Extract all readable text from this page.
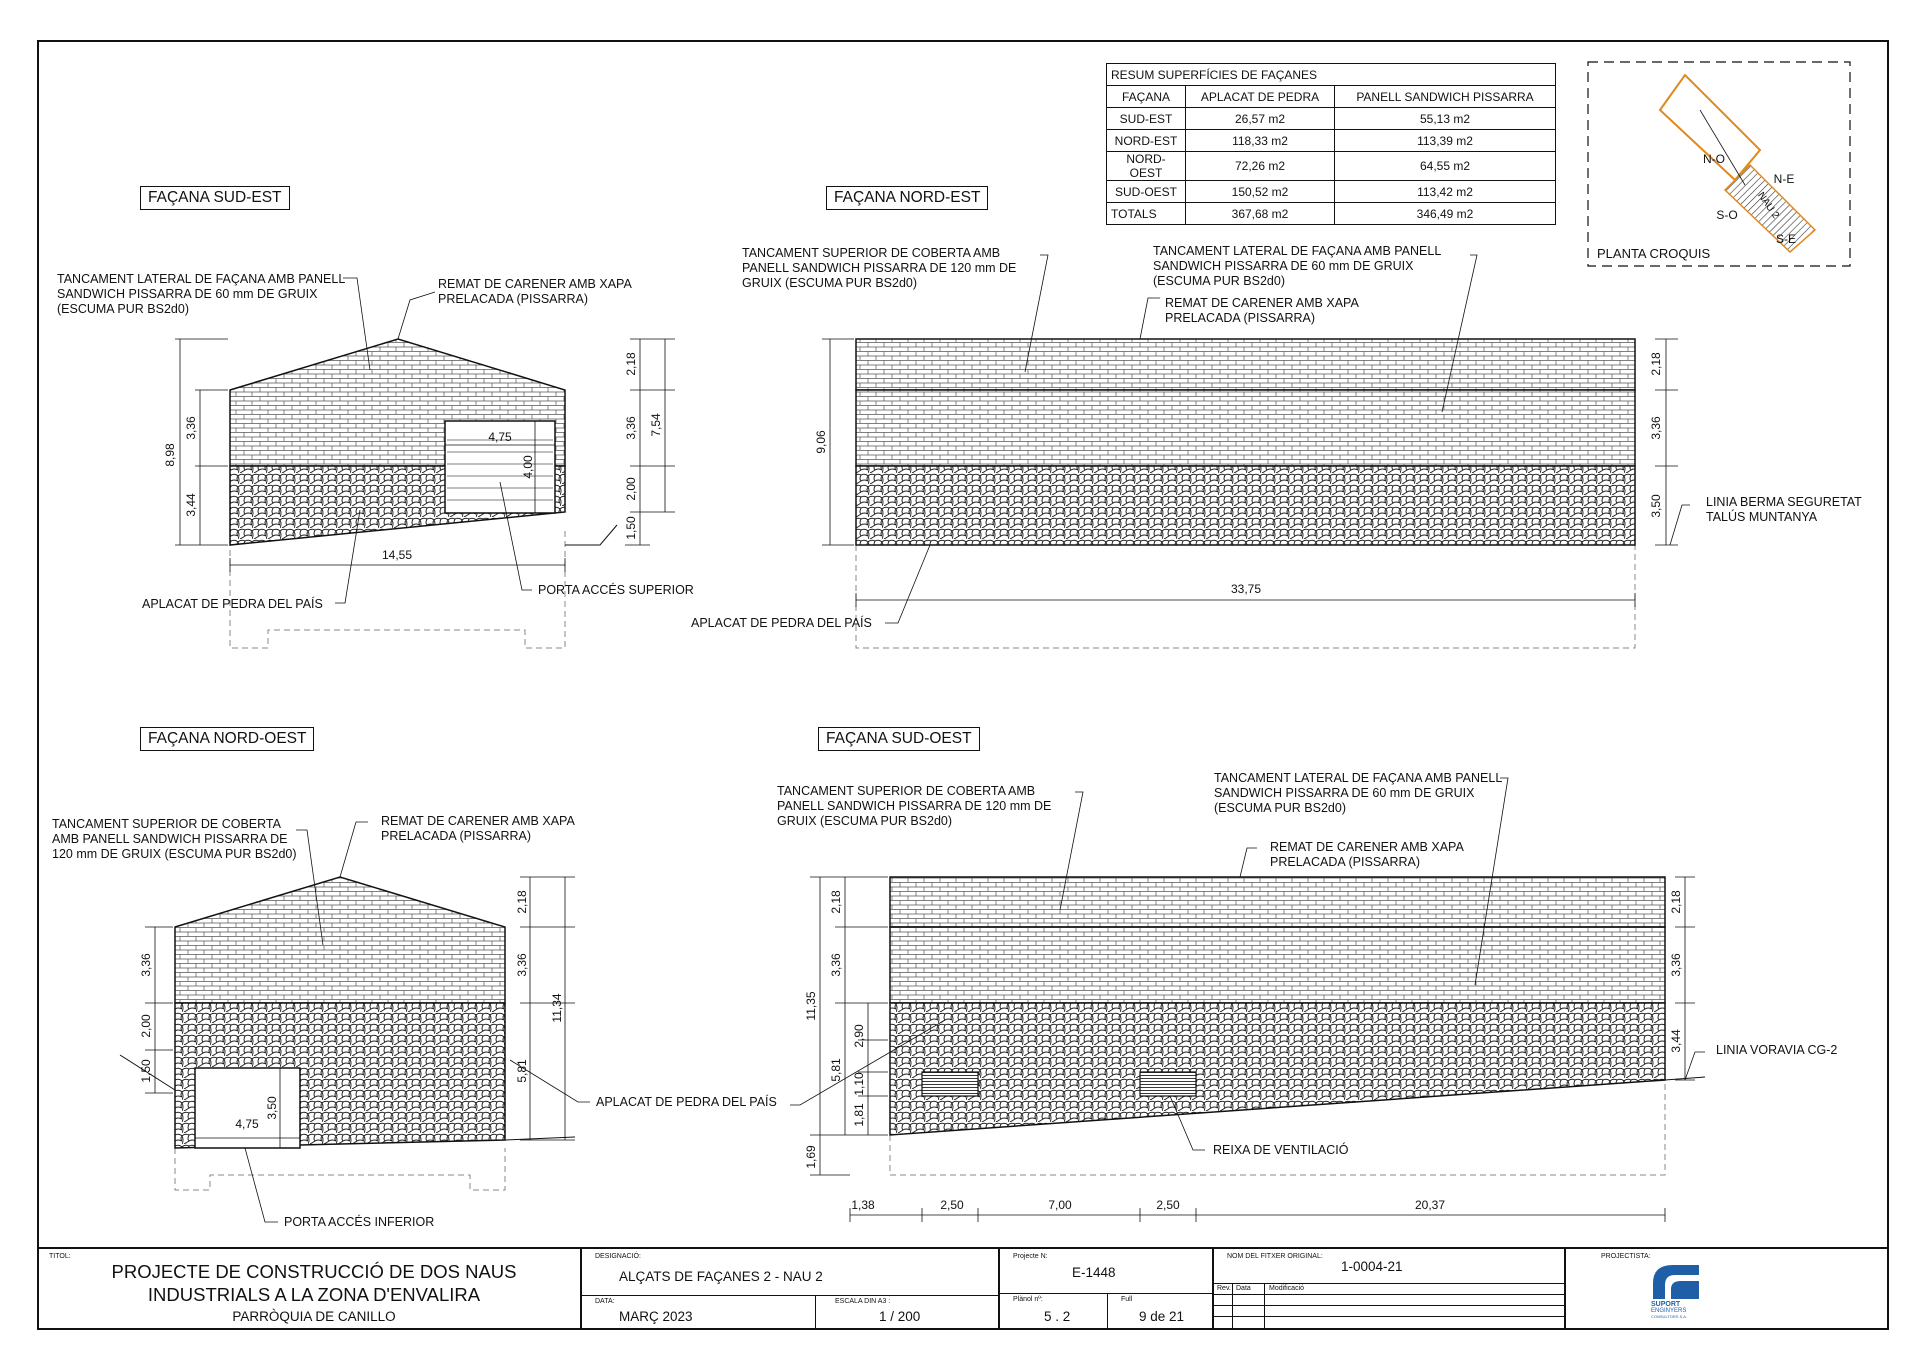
FAÇANA SUD-EST	FAÇANA NORD-EST
FAÇANA NORD-OEST	FAÇANA SUD-OEST
TANCAMENT LATERAL DE FAÇANA AMB PANELL SANDWICH PISSARRA DE 60 mm DE GRUIX (ESCUMA PUR BS2d0)
REMAT DE CARENER AMB XAPA PRELACADA (PISSARRA)
APLACAT DE PEDRA DEL PAÍS
PORTA ACCÉS SUPERIOR
TANCAMENT SUPERIOR DE COBERTA AMB PANELL SANDWICH PISSARRA DE 120 mm DE GRUIX (ESCUMA PUR BS2d0)
TANCAMENT LATERAL DE FAÇANA AMB PANELL SANDWICH PISSARRA DE 60 mm DE GRUIX (ESCUMA PUR BS2d0)
REMAT DE CARENER AMB XAPA PRELACADA (PISSARRA)
LINIA BERMA SEGURETAT TALÚS MUNTANYA
APLACAT DE PEDRA DEL PAÍS
TANCAMENT SUPERIOR DE COBERTA AMB PANELL SANDWICH PISSARRA DE 120 mm DE GRUIX (ESCUMA PUR BS2d0)
REMAT DE CARENER AMB XAPA PRELACADA (PISSARRA)
APLACAT DE PEDRA DEL PAÍS
PORTA ACCÉS INFERIOR
TANCAMENT SUPERIOR DE COBERTA AMB PANELL SANDWICH PISSARRA DE 120 mm DE GRUIX (ESCUMA PUR BS2d0)
TANCAMENT LATERAL DE FAÇANA AMB PANELL SANDWICH PISSARRA DE 60 mm DE GRUIX (ESCUMA PUR BS2d0)
REMAT DE CARENER AMB XAPA PRELACADA (PISSARRA)
LINIA VORAVIA CG-2
REIXA DE VENTILACIÓ
8,98
3,36
3,44
2,18
3,36
2,00
1,50
7,54
14,55
4,75
4,00
9,06
2,18
3,36
3,50
33,75
3,36
2,00
1,50
2,18
3,36
5,81
11,34
4,75
3,50
11,35
2,18
3,36
5,81
2,90
1,10
1,81
1,69
2,18
3,36
3,44
1,38	2,50	7,00	2,50	20,37
N-O
N-E
S-O
S-E
NAU 2
PLANTA CROQUIS
RESUM SUPERFÍCIES DE FAÇANES		
FAÇANA	APLACAT DE PEDRA	PANELL SANDWICH PISSARRA
SUD-EST	26,57 m2	55,13 m2
NORD-EST	118,33 m2	113,39 m2
NORD-OEST	72,26 m2	64,55 m2
SUD-OEST	150,52 m2	113,42 m2
TOTALS	367,68 m2	346,49 m2
TITOL:
PROJECTE DE CONSTRUCCIÓ DE DOS NAUS
INDUSTRIALS A LA ZONA D'ENVALIRA
PARRÒQUIA DE CANILLO
DESIGNACIÓ:
ALÇATS DE FAÇANES 2 - NAU 2
DATA:
MARÇ 2023
ESCALA DIN A3 :
1 / 200
Projecte N:
E-1448
Plànol nº:
5 . 2
Full
9 de 21
NOM DEL FITXER ORIGINAL:
1-0004-21
Rev. Data	Modificació
PROJECTISTA:
SUPORT
ENGINYERS
CONSULTORS S.A.
